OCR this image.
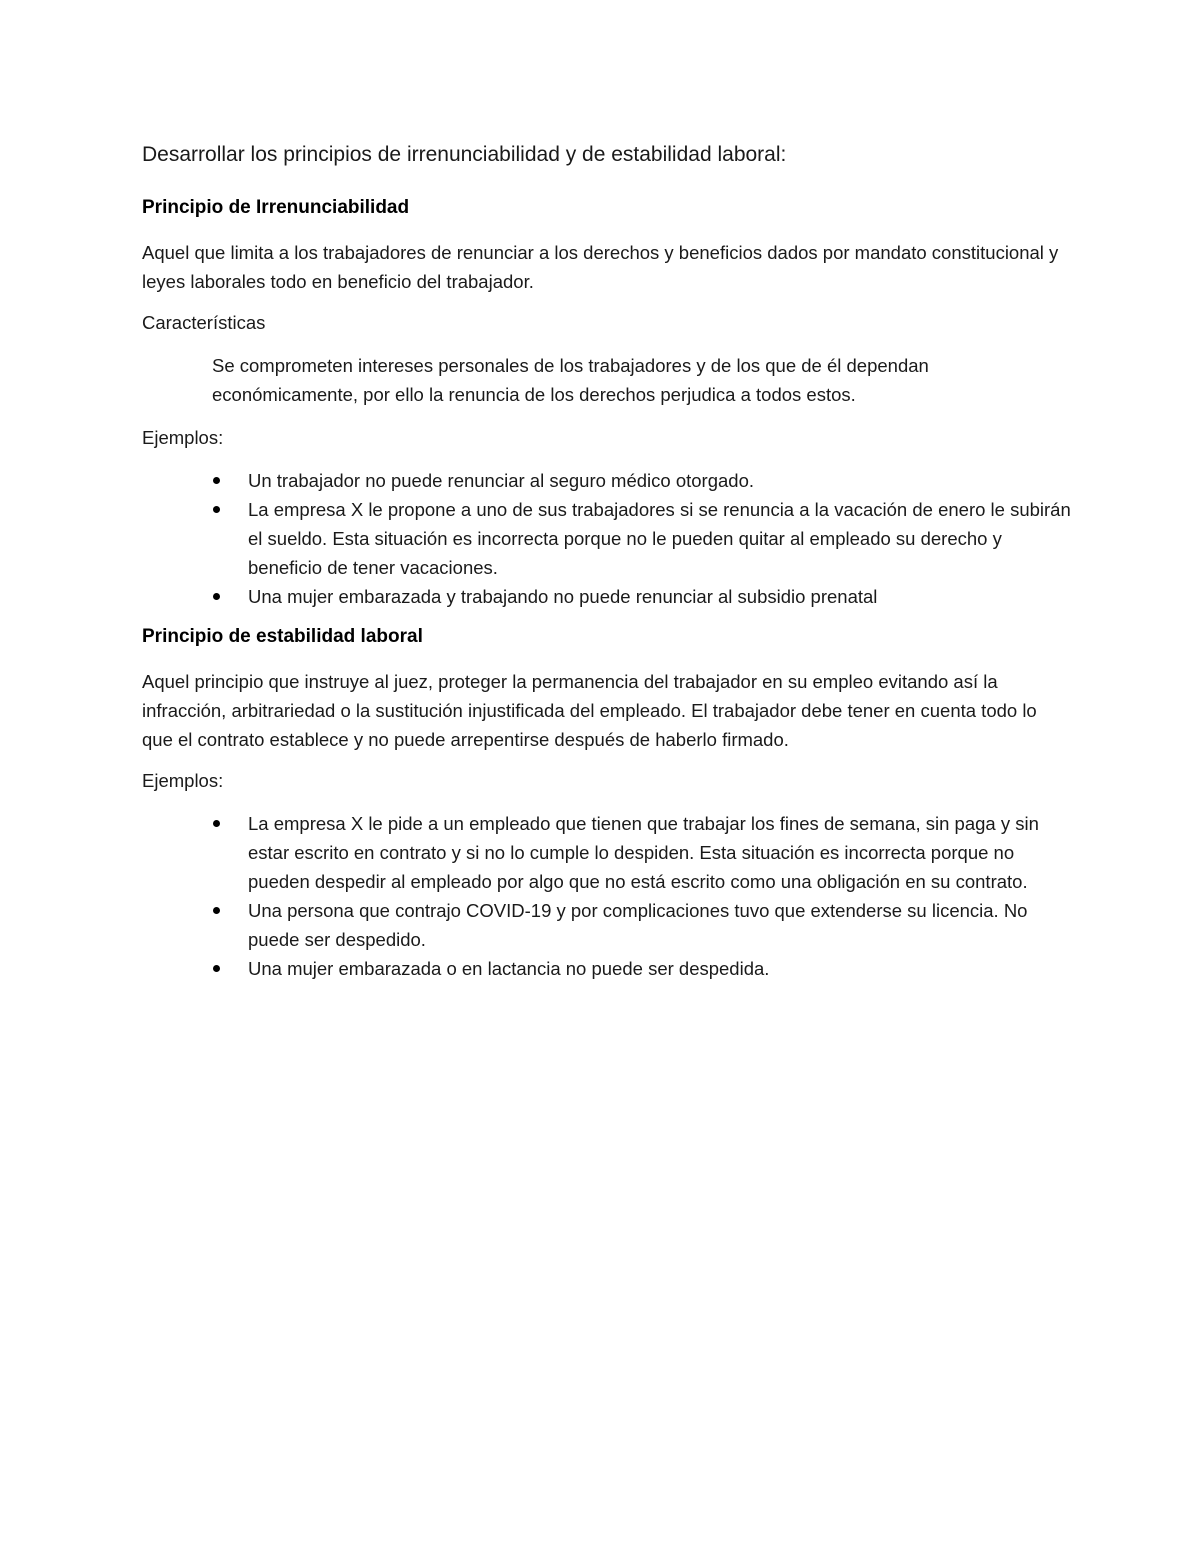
Desarrollar los principios de irrenunciabilidad y de estabilidad laboral:
Principio de Irrenunciabilidad

Aquel que limita a los trabajadores de renunciar a los derechos y beneficios dados por mandato constitucional y leyes laborales todo en beneficio del trabajador.

Características

Se comprometen intereses personales de los trabajadores y de los que de él dependan económicamente, por ello la renuncia de los derechos perjudica a todos estos.

Ejemplos:

Un trabajador no puede renunciar al seguro médico otorgado.
La empresa X le propone a uno de sus trabajadores si se renuncia a la vacación de enero le subirán el sueldo. Esta situación es incorrecta porque no le pueden quitar al empleado su derecho y beneficio de tener vacaciones.
Una mujer embarazada y trabajando no puede renunciar al subsidio prenatal
Principio de estabilidad laboral

Aquel principio que instruye al juez, proteger la permanencia del trabajador en su empleo evitando así la infracción, arbitrariedad o la sustitución injustificada del empleado. El trabajador debe tener en cuenta todo lo que el contrato establece y no puede arrepentirse después de haberlo firmado.

Ejemplos:

La empresa X le pide a un empleado que tienen que trabajar los fines de semana, sin paga y sin estar escrito en contrato y si no lo cumple lo despiden. Esta situación es incorrecta porque no pueden despedir al empleado por algo que no está escrito como una obligación en su contrato.
Una persona que contrajo COVID-19 y por complicaciones tuvo que extenderse su licencia. No puede ser despedido.
Una mujer embarazada o en lactancia no puede ser despedida.
